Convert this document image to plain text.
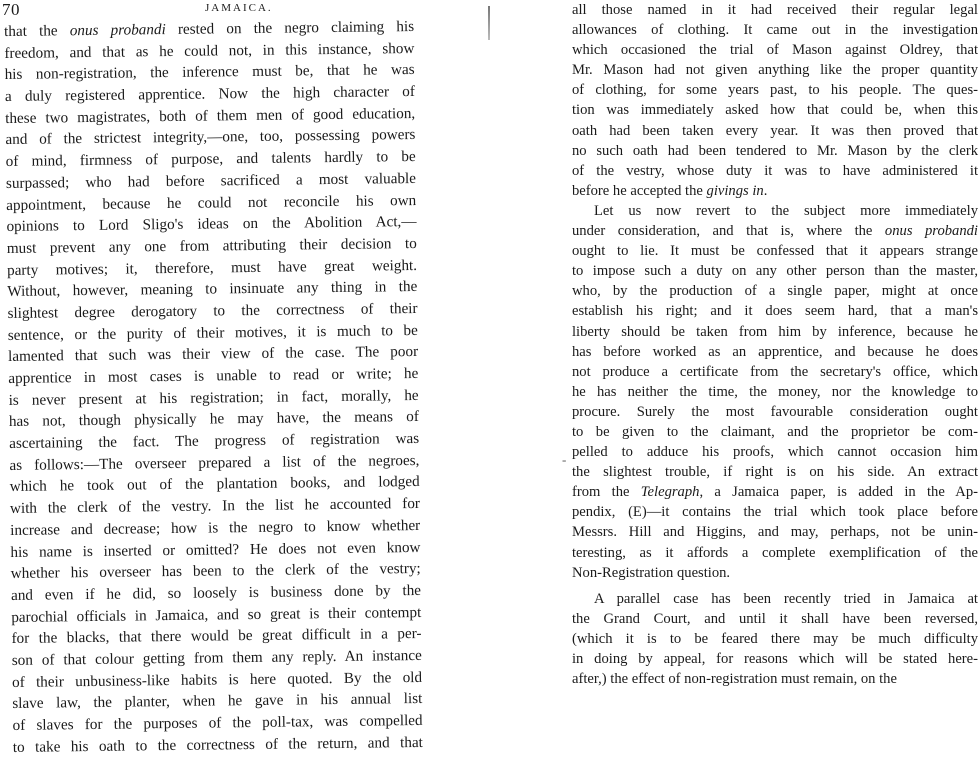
70	JAMAICA.
that the onus probandi rested on the negro claiming his
freedom, and that as he could not, in this instance, show
his non-registration, the inference must be, that he was
a duly registered apprentice. Now the high character of
these two magistrates, both of them men of good education,
and of the strictest integrity,—one, too, possessing powers
of mind, firmness of purpose, and talents hardly to be
surpassed; who had before sacrificed a most valuable
appointment, because he could not reconcile his own
opinions to Lord Sligo's ideas on the Abolition Act,—
must prevent any one from attributing their decision to
party motives; it, therefore, must have great weight.
Without, however, meaning to insinuate any thing in the
slightest degree derogatory to the correctness of their
sentence, or the purity of their motives, it is much to be
lamented that such was their view of the case. The poor
apprentice in most cases is unable to read or write; he
is never present at his registration; in fact, morally, he
has not, though physically he may have, the means of
ascertaining the fact. The progress of registration was
as follows:—The overseer prepared a list of the negroes,
which he took out of the plantation books, and lodged
with the clerk of the vestry. In the list he accounted for
increase and decrease; how is the negro to know whether
his name is inserted or omitted? He does not even know
whether his overseer has been to the clerk of the vestry;
and even if he did, so loosely is business done by the
parochial officials in Jamaica, and so great is their contempt
for the blacks, that there would be great difficult in a per-
son of that colour getting from them any reply. An instance
of their unbusiness-like habits is here quoted. By the old
slave law, the planter, when he gave in his annual list
of slaves for the purposes of the poll-tax, was compelled
to take his oath to the correctness of the return, and that
all those named in it had received their regular legal
allowances of clothing. It came out in the investigation
which occasioned the trial of Mason against Oldrey, that
Mr. Mason had not given anything like the proper quantity
of clothing, for some years past, to his people. The ques-
tion was immediately asked how that could be, when this
oath had been taken every year. It was then proved that
no such oath had been tendered to Mr. Mason by the clerk
of the vestry, whose duty it was to have administered it
before he accepted the givings in.
Let us now revert to the subject more immediately
under consideration, and that is, where the onus probandi
ought to lie. It must be confessed that it appears strange
to impose such a duty on any other person than the master,
who, by the production of a single paper, might at once
establish his right; and it does seem hard, that a man's
liberty should be taken from him by inference, because he
has before worked as an apprentice, and because he does
not produce a certificate from the secretary's office, which
he has neither the time, the money, nor the knowledge to
procure. Surely the most favourable consideration ought
to be given to the claimant, and the proprietor be com-
pelled to adduce his proofs, which cannot occasion him
the slightest trouble, if right is on his side. An extract
from the Telegraph, a Jamaica paper, is added in the Ap-
pendix, (E)—it contains the trial which took place before
Messrs. Hill and Higgins, and may, perhaps, not be unin-
teresting, as it affords a complete exemplification of the
Non-Registration question.
A parallel case has been recently tried in Jamaica at
the Grand Court, and until it shall have been reversed,
(which it is to be feared there may be much difficulty
in doing by appeal, for reasons which will be stated here-
after,) the effect of non-registration must remain, on the
-
